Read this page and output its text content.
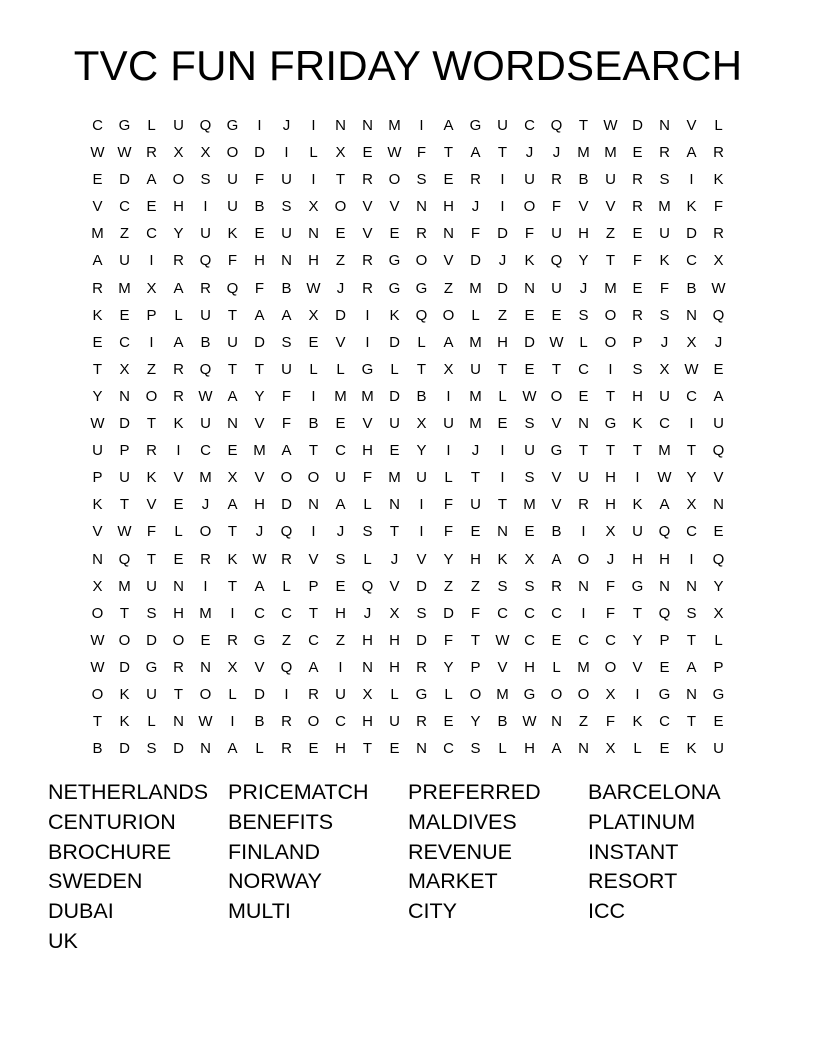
TVC FUN FRIDAY WORDSEARCH
C	G	L	U	Q	G	I	J	I	N	N	M	I	A	G	U	C	Q	T	W D	N	V	L
W W R	X	X	O	D	I	L	X	E W	F	T	A	T	J	J	M M	E	R	A	R
E	D	A	O	S	U	F	U	I	T	R	O	S	E	R	I	U	R	B	U	R	S	I	K
V	C	E	H	I	U	B	S	X	O	V	V	N	H	J	I	O	F	V	V	R	M	K	F
M	Z	C	Y	U	K	E	U	N	E	V	E	R	N	F	D	F	U	H	Z	E	U	D	R
A	U	I	R	Q	F	H	N	H	Z	R	G	O	V	D	J	K	Q	Y	T	F	K	C	X
R	M	X	A	R	Q	F	B W	J	R	G	G	Z	M	D	N	U	J	M	E	F	B W
K	E	P	L	U	T	A	A	X	D	I	K	Q	O	L	Z	E	E	S	O	R	S	N	Q
E	C	I	A	B	U	D	S	E	V	I	D	L	A	M	H	D W	L	O	P	J	X	J
T	X	Z	R	Q	T	T	U	L	L	G	L	T	X	U	T	E	T	C	I	S	X W E
Y	N	O	R W A	Y	F	I	M M	D	B	I	M	L	W O	E	T	H	U	C	A
W D	T	K	U	N	V	F	B	E	V	U	X	U	M	E	S	V	N	G	K	C	I	U
U	P	R	I	C	E	M	A	T	C	H	E	Y	I	J	I	U	G	T	T	T	M	T	Q
P	U	K	V	M	X	V	O	O	U	F	M	U	L	T	I	S	V	U	H	I	W Y	V
K	T	V	E	J	A	H	D	N	A	L	N	I	F	U	T	M	V	R	H	K	A	X	N
V W	F	L	O	T	J	Q	I	J	S	T	I	F	E	N	E	B	I	X	U	Q	C	E
N	Q	T	E	R	K W R	V	S	L	J	V	Y	H	K	X	A	O	J	H	H	I	Q
X	M	U	N	I	T	A	L	P	E	Q	V	D	Z	Z	S	S	R	N	F	G	N	N	Y
O	T	S	H	M	I	C	C	T	H	J	X	S	D	F	C	C	C	I	F	T	Q	S	X
W O	D	O	E	R	G	Z	C	Z	H	H	D	F	T	W C	E	C	C	Y	P	T	L
W D	G	R	N	X	V	Q	A	I	N	H	R	Y	P	V	H	L	M O	V	E	A	P
O	K	U	T	O	L	D	I	R	U	X	L	G	L	O M G	O	O	X	I	G	N	G
T	K	L	N W	I	B	R	O	C	H	U	R	E	Y	B W N	Z	F	K	C	T	E
B	D	S	D	N	A	L	R	E	H	T	E	N	C	S	L	H	A	N	X	L	E	K	U
NETHERLANDS PRICEMATCH	PREFERRED	BARCELONA
CENTURION	BENEFITS	MALDIVES	PLATINUM
BROCHURE	FINLAND	REVENUE	INSTANT
SWEDEN	NORWAY	MARKET	RESORT
DUBAI	MULTI	CITY	ICC
UK
